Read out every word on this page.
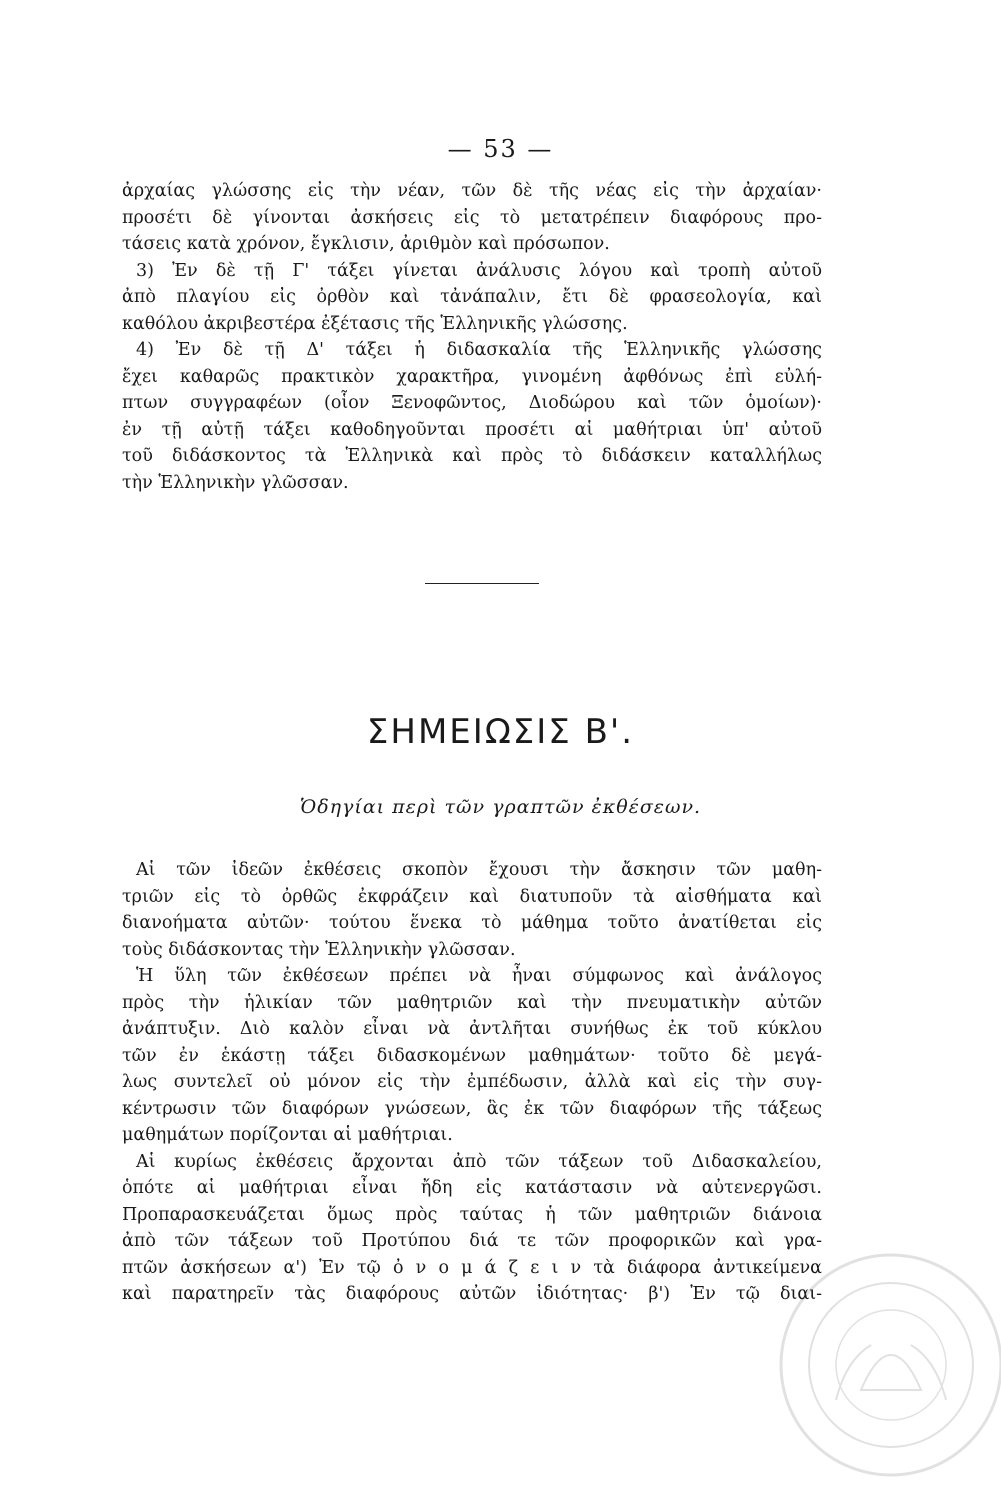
— 53 —
ἀρχαίας γλώσσης εἰς τὴν νέαν, τῶν δὲ τῆς νέας εἰς τὴν ἀρχαίαν·
προσέτι δὲ γίνονται ἀσκήσεις εἰς τὸ μετατρέπειν διαφόρους προ-
τάσεις κατὰ χρόνον, ἔγκλισιν, ἀριθμὸν καὶ πρόσωπον.
3) Ἐν δὲ τῇ Γ' τάξει γίνεται ἀνάλυσις λόγου καὶ τροπὴ αὐτοῦ
ἀπὸ πλαγίου εἰς ὀρθὸν καὶ τἀνάπαλιν, ἔτι δὲ φρασεολογία, καὶ
καθόλου ἀκριβεστέρα ἐξέτασις τῆς Ἑλληνικῆς γλώσσης.
4) Ἐν δὲ τῇ Δ' τάξει ἡ διδασκαλία τῆς Ἑλληνικῆς γλώσσης
ἔχει καθαρῶς πρακτικὸν χαρακτῆρα, γινομένη ἀφθόνως ἐπὶ εὐλή-
πτων συγγραφέων (οἷον Ξενοφῶντος, Διοδώρου καὶ τῶν ὁμοίων)·
ἐν τῇ αὐτῇ τάξει καθοδηγοῦνται προσέτι αἱ μαθήτριαι ὑπ' αὐτοῦ
τοῦ διδάσκοντος τὰ Ἑλληνικὰ καὶ πρὸς τὸ διδάσκειν καταλλήλως
τὴν Ἑλληνικὴν γλῶσσαν.
ΣΗΜΕΙΩΣΙΣ Β'.
Ὁδηγίαι περὶ τῶν γραπτῶν ἐκθέσεων.
Αἱ τῶν ἰδεῶν ἐκθέσεις σκοπὸν ἔχουσι τὴν ἄσκησιν τῶν μαθη-
τριῶν εἰς τὸ ὀρθῶς ἐκφράζειν καὶ διατυποῦν τὰ αἰσθήματα καὶ
διανοήματα αὐτῶν· τούτου ἕνεκα τὸ μάθημα τοῦτο ἀνατίθεται εἰς
τοὺς διδάσκοντας τὴν Ἑλληνικὴν γλῶσσαν.
Ἡ ὕλη τῶν ἐκθέσεων πρέπει νὰ ἦναι σύμφωνος καὶ ἀνάλογος
πρὸς τὴν ἡλικίαν τῶν μαθητριῶν καὶ τὴν πνευματικὴν αὐτῶν
ἀνάπτυξιν. Διὸ καλὸν εἶναι νὰ ἀντλῆται συνήθως ἐκ τοῦ κύκλου
τῶν ἐν ἑκάστῃ τάξει διδασκομένων μαθημάτων· τοῦτο δὲ μεγά-
λως συντελεῖ οὐ μόνον εἰς τὴν ἐμπέδωσιν, ἀλλὰ καὶ εἰς τὴν συγ-
κέντρωσιν τῶν διαφόρων γνώσεων, ἃς ἐκ τῶν διαφόρων τῆς τάξεως
μαθημάτων πορίζονται αἱ μαθήτριαι.
Αἱ κυρίως ἐκθέσεις ἄρχονται ἀπὸ τῶν τάξεων τοῦ Διδασκαλείου,
ὁπότε αἱ μαθήτριαι εἶναι ἤδη εἰς κατάστασιν νὰ αὐτενεργῶσι.
Προπαρασκευάζεται ὅμως πρὸς ταύτας ἡ τῶν μαθητριῶν διάνοια
ἀπὸ τῶν τάξεων τοῦ Προτύπου διά τε τῶν προφορικῶν καὶ γρα-
πτῶν ἀσκήσεων α') Ἐν τῷ ὀ ν ο μ ά ζ ε ι ν τὰ διάφορα ἀντικείμενα
καὶ παρατηρεῖν τὰς διαφόρους αὐτῶν ἰδιότητας· β') Ἐν τῷ διαι-
